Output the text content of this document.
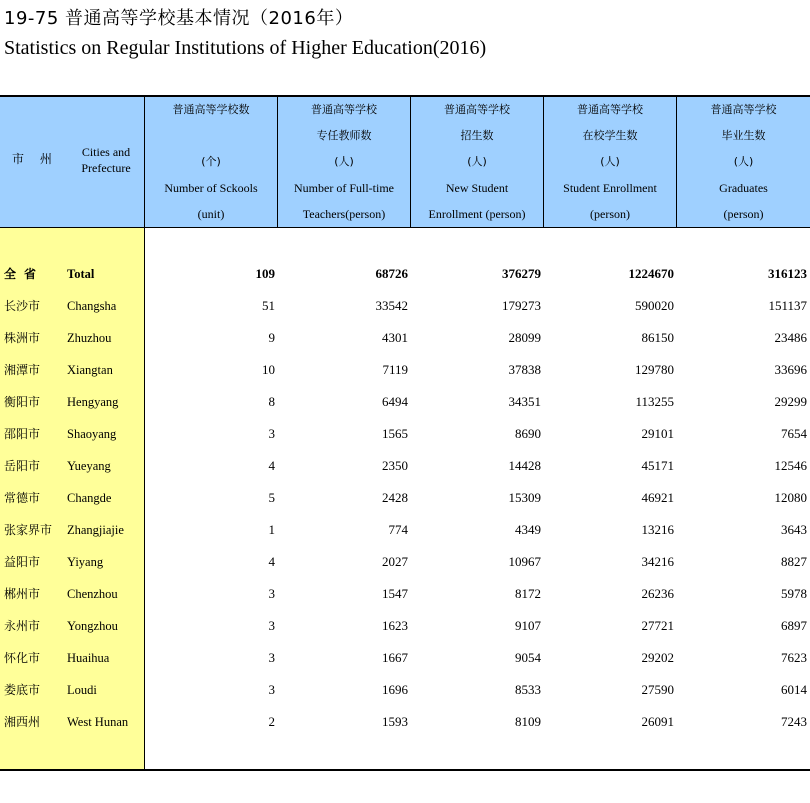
19-75 普通高等学校基本情况（2016年）
Statistics on Regular Institutions of Higher Education(2016)
市 州	Cities and Prefecture
普通高等学校数
(个)
Number of Sckools
(unit)
普通高等学校
专任教师数
(人)
Number of Full-time
Teachers(person)
普通高等学校
招生数
(人)
New Student
Enrollment (person)
普通高等学校
在校学生数
(人)
Student Enrollment
(person)
普通高等学校
毕业生数
(人)
Graduates
(person)
全省 Total	109	68726	376279	1224670	316123
长沙市 Changsha	51	33542	179273	590020	151137
株洲市 Zhuzhou	9	4301	28099	86150	23486
湘潭市 Xiangtan	10	7119	37838	129780	33696
衡阳市 Hengyang	8	6494	34351	113255	29299
邵阳市 Shaoyang	3	1565	8690	29101	7654
岳阳市 Yueyang	4	2350	14428	45171	12546
常德市 Changde	5	2428	15309	46921	12080
张家界市 Zhangjiajie	1	774	4349	13216	3643
益阳市 Yiyang	4	2027	10967	34216	8827
郴州市 Chenzhou	3	1547	8172	26236	5978
永州市 Yongzhou	3	1623	9107	27721	6897
怀化市 Huaihua	3	1667	9054	29202	7623
娄底市 Loudi	3	1696	8533	27590	6014
湘西州 West Hunan	2	1593	8109	26091	7243
